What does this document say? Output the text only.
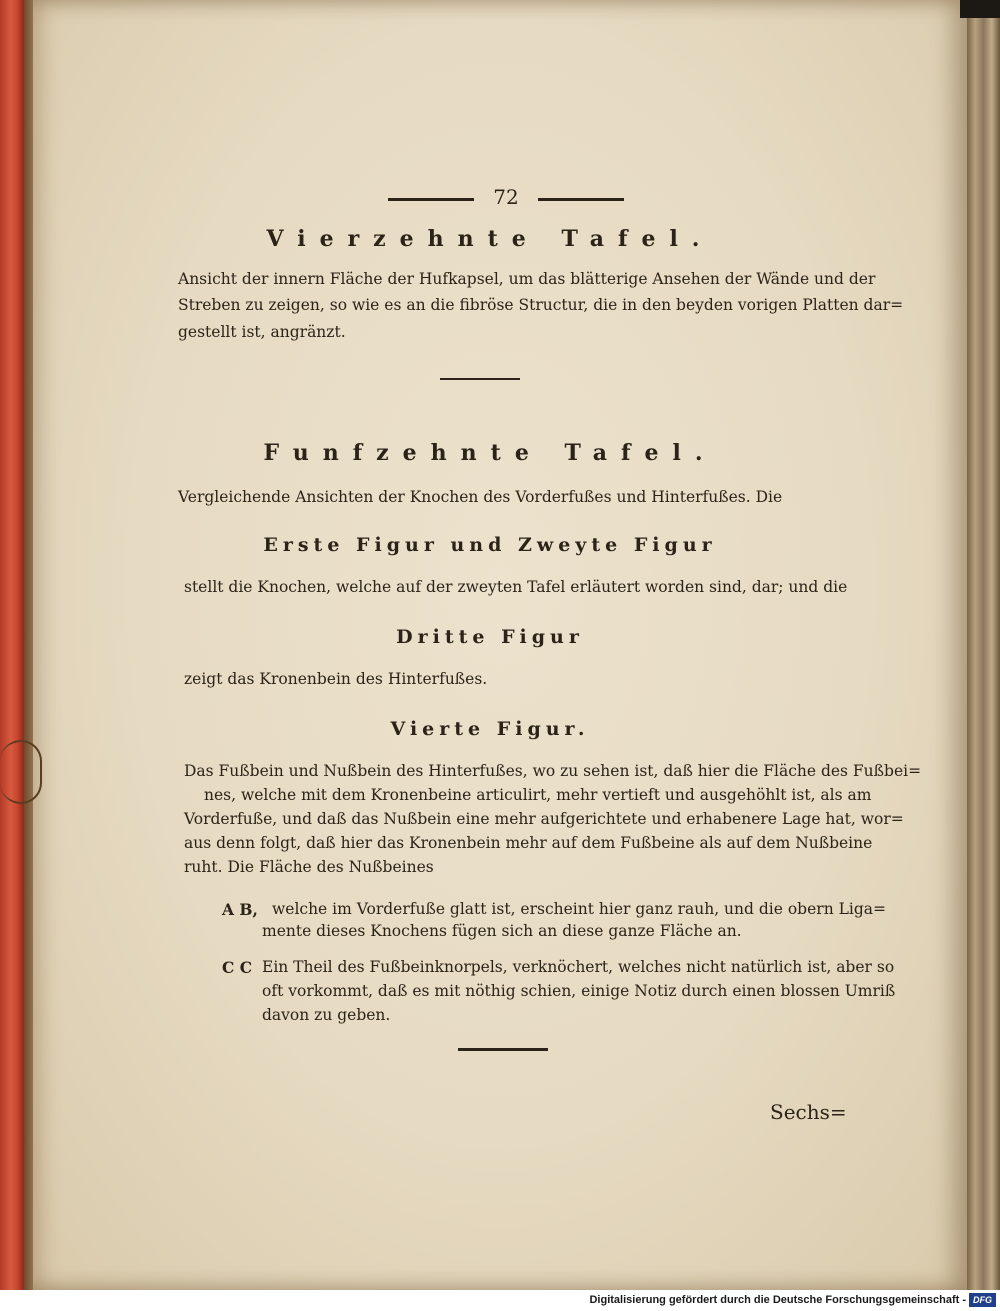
72
Vierzehnte Tafel.
Ansicht der innern Fläche der Hufkapsel, um das blätterige Ansehen der Wände und der
Streben zu zeigen, so wie es an die fibröse Structur, die in den beyden vorigen Platten dar=
gestellt ist, angränzt.
Funfzehnte Tafel.
Vergleichende Ansichten der Knochen des Vorderfußes und Hinterfußes. Die
Erste Figur und Zweyte Figur
stellt die Knochen, welche auf der zweyten Tafel erläutert worden sind, dar; und die
Dritte Figur
zeigt das Kronenbein des Hinterfußes.
Vierte Figur.
Das Fußbein und Nußbein des Hinterfußes, wo zu sehen ist, daß hier die Fläche des Fußbei=
nes, welche mit dem Kronenbeine articulirt, mehr vertieft und ausgehöhlt ist, als am
Vorderfuße, und daß das Nußbein eine mehr aufgerichtete und erhabenere Lage hat, wor=
aus denn folgt, daß hier das Kronenbein mehr auf dem Fußbeine als auf dem Nußbeine
ruht. Die Fläche des Nußbeines
A B, welche im Vorderfuße glatt ist, erscheint hier ganz rauh, und die obern Liga=
mente dieses Knochens fügen sich an diese ganze Fläche an.
C C Ein Theil des Fußbeinknorpels, verknöchert, welches nicht natürlich ist, aber so
oft vorkommt, daß es mit nöthig schien, einige Notiz durch einen blossen Umriß
davon zu geben.
Sechs=
Digitalisierung gefördert durch die Deutsche Forschungsgemeinschaft - DFG
